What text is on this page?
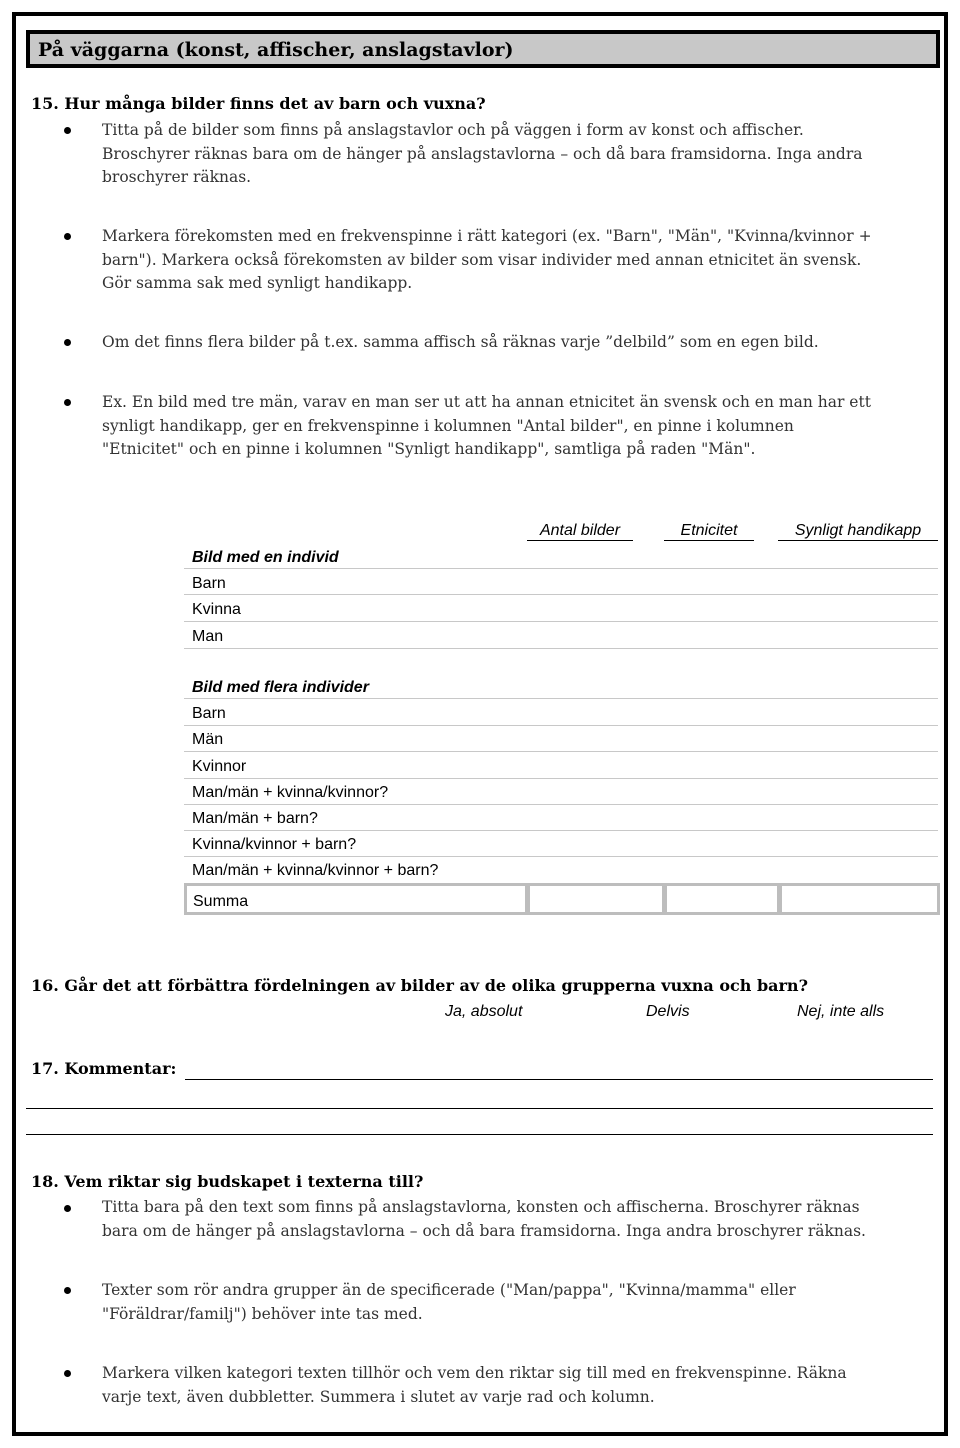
På väggarna (konst, affischer, anslagstavlor)
15. Hur många bilder finns det av barn och vuxna?
Titta på de bilder som finns på anslagstavlor och på väggen i form av konst och affischer.
Broschyrer räknas bara om de hänger på anslagstavlorna – och då bara framsidorna. Inga andra
broschyrer räknas.
Markera förekomsten med en frekvenspinne i rätt kategori (ex. "Barn", "Män", "Kvinna/kvinnor +
barn"). Markera också förekomsten av bilder som visar individer med annan etnicitet än svensk.
Gör samma sak med synligt handikapp.
Om det finns flera bilder på t.ex. samma affisch så räknas varje ”delbild” som en egen bild.
Ex. En bild med tre män, varav en man ser ut att ha annan etnicitet än svensk och en man har ett
synligt handikapp, ger en frekvenspinne i kolumnen "Antal bilder", en pinne i kolumnen
"Etnicitet" och en pinne i kolumnen "Synligt handikapp", samtliga på raden "Män".
Antal bilder	Etnicitet	Synligt handikapp
Bild med en individ
Barn
Kvinna
Man
Bild med flera individer
Barn
Män
Kvinnor
Man/män + kvinna/kvinnor?
Man/män + barn?
Kvinna/kvinnor + barn?
Man/män + kvinna/kvinnor + barn?
Summa
16. Går det att förbättra fördelningen av bilder av de olika grupperna vuxna och barn?
Ja, absolut	Delvis	Nej, inte alls
17. Kommentar:
18. Vem riktar sig budskapet i texterna till?
Titta bara på den text som finns på anslagstavlorna, konsten och affischerna. Broschyrer räknas
bara om de hänger på anslagstavlorna – och då bara framsidorna. Inga andra broschyrer räknas.
Texter som rör andra grupper än de specificerade ("Man/pappa", "Kvinna/mamma" eller
"Föräldrar/familj") behöver inte tas med.
Markera vilken kategori texten tillhör och vem den riktar sig till med en frekvenspinne. Räkna
varje text, även dubbletter. Summera i slutet av varje rad och kolumn.
